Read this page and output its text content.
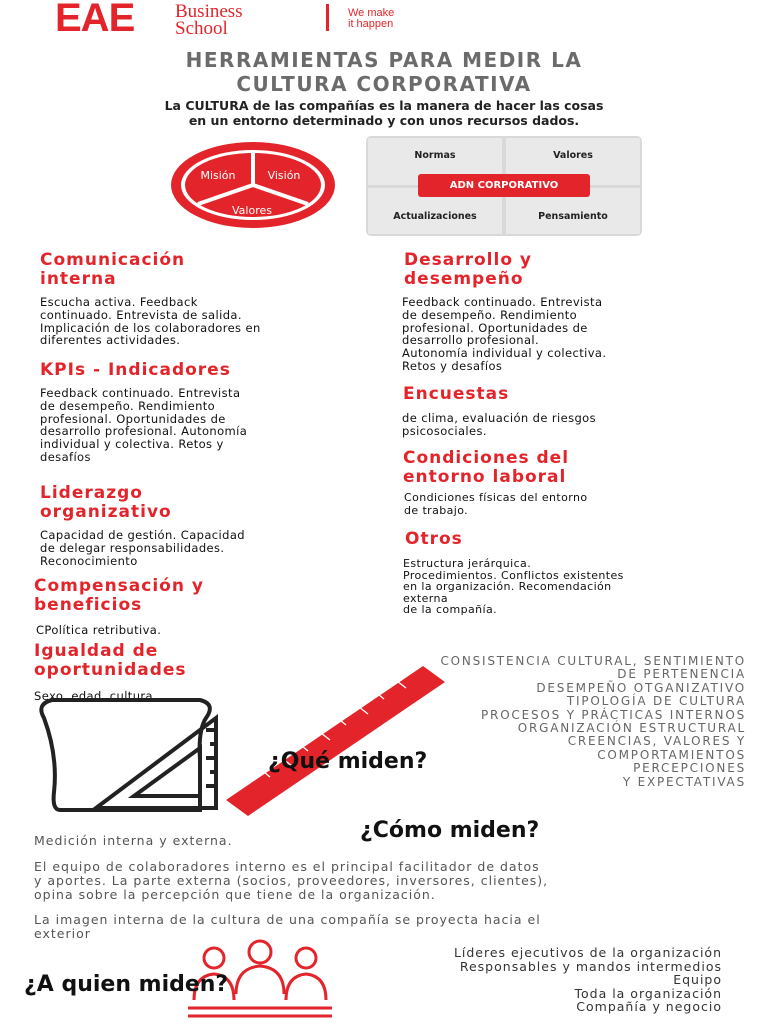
EAE Business
School
We make
it happen
HERRAMIENTAS PARA MEDIR LA
CULTURA CORPORATIVA
La CULTURA de las compañías es la manera de hacer las cosas
en un entorno determinado y con unos recursos dados.
Misión	Visión
Valores
Normas	Valores
Actualizaciones	Pensamiento
ADN CORPORATIVO
Comunicación
interna
Escucha activa. Feedback
continuado. Entrevista de salida.
Implicación de los colaboradores en
diferentes actividades.
KPIs - Indicadores
Feedback continuado. Entrevista
de desempeño. Rendimiento
profesional. Oportunidades de
desarrollo profesional. Autonomía
individual y colectiva. Retos y
desafíos
Liderazgo
organizativo
Capacidad de gestión. Capacidad
de delegar responsabilidades.
Reconocimiento
Compensación y
beneficios
CPolítica retributiva.
Igualdad de
oportunidades
Sexo, edad, cultura ...
Desarrollo y
desempeño
Feedback continuado. Entrevista
de desempeño. Rendimiento
profesional. Oportunidades de
desarrollo profesional.
Autonomía individual y colectiva.
Retos y desafíos
Encuestas
de clima, evaluación de riesgos
psicosociales.
Condiciones del
entorno laboral
Condiciones físicas del entorno
de trabajo.
Otros
Estructura jerárquica.
Procedimientos. Conflictos existentes
en la organización. Recomendación
externa
de la compañía.
CONSISTENCIA CULTURAL, SENTIMIENTO
DE PERTENENCIA
DESEMPEÑO OTGANIZATIVO
TIPOLOGÍA DE CULTURA
PROCESOS Y PRÁCTICAS INTERNOS
ORGANIZACIÓN ESTRUCTURAL
CREENCIAS, VALORES Y
COMPORTAMIENTOS
PERCEPCIONES
Y EXPECTATIVAS
¿Qué miden?
¿Cómo miden?
Medición interna y externa.
El equipo de colaboradores interno es el principal facilitador de datos
y aportes. La parte externa (socios, proveedores, inversores, clientes),
opina sobre la percepción que tiene de la organización.
La imagen interna de la cultura de una compañía se proyecta hacia el
exterior
¿A quien miden?
Líderes ejecutivos de la organización
Responsables y mandos intermedios
Equipo
Toda la organización
Compañía y negocio
